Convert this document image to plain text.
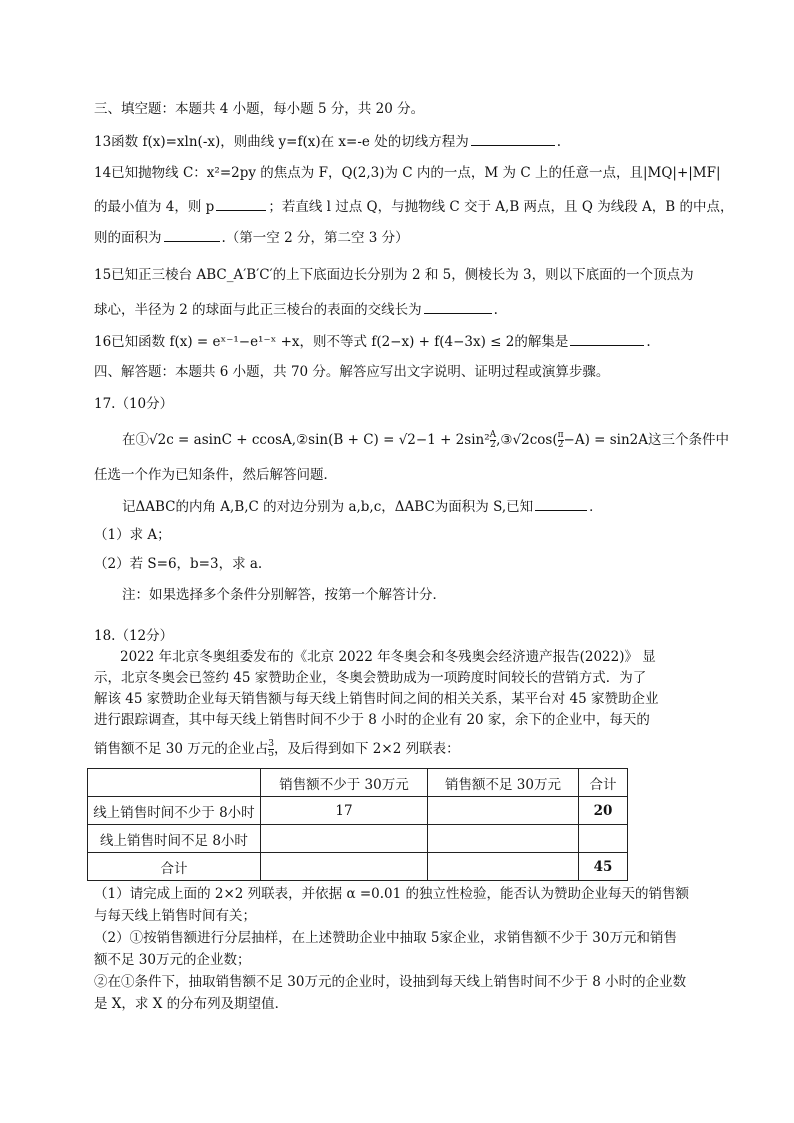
三、填空题：本题共 4 小题，每小题 5 分，共 20 分。
13函数 f(x)=xln(-x)，则曲线 y=f(x)在 x=-e 处的切线方程为	.
14已知抛物线 C：x²=2py 的焦点为 F，Q(2,3)为 C 内的一点，M 为 C 上的任意一点，且|MQ|+|MF|
的最小值为 4，则 p	；若直线 l 过点 Q，与抛物线 C 交于 A,B 两点，且 Q 为线段 A，B 的中点，
则的面积为	.（第一空 2 分，第二空 3 分）
15已知正三棱台 ABC_A′B′C′的上下底面边长分别为 2 和 5，侧棱长为 3，则以下底面的一个顶点为
球心，半径为 2 的球面与此正三棱台的表面的交线长为	.
16已知函数 f(x) = eˣ⁻¹−e¹⁻ˣ +x，则不等式 f(2−x) + f(4−3x) ≤ 2的解集是	.
四、解答题：本题共 6 小题，共 70 分。解答应写出文字说明、证明过程或演算步骤。
17.（10分）
在①√2c = asinC + ccosA,②sin(B + $C) = √2-1 + 2\sin^2 \frac{A}{2}$ ,③√2cos( $\frac{\pi}{2} -A) = \sin 2A$这三个条件中
任选一个作为已知条件，然后解答问题．
记ΔABC的内角 A,B,C 的对边分别为 a,b,c，ΔABC为面积为 S,已知	．
（1）求 A；
（2）若 S=6，b=3，求 a.
注：如果选择多个条件分别解答，按第一个解答计分．
18.（12分）
2022 年北京冬奥组委发布的《北京 2022 年冬奥会和冬残奥会经济遗产报告(2022)》 显
示，北京冬奥会已签约 45 家赞助企业，冬奥会赞助成为一项跨度时间较长的营销方式．为了
解该 45 家赞助企业每天销售额与每天线上销售时间之间的相关关系，某平台对 45 家赞助企业
进行跟踪调查，其中每天线上销售时间不少于 8 小时的企业有 20 家，余下的企业中，每天的
销售额不足 30 万元的企业占 $\frac{3}{5}$ ，及后得到如下 2×2 列联表：
	销售额不少于 30万元	销售额不足 30万元	合计
线上销售时间不少于 8小时	17		20
线上销售时间不足 8小时			
合计			45
（1）请完成上面的 2×2 列联表，并依据 α =0.01 的独立性检验，能否认为赞助企业每天的销售额
与每天线上销售时间有关；
（2）①按销售额进行分层抽样，在上述赞助企业中抽取 5家企业，求销售额不少于 30万元和销售
额不足 30万元的企业数；
②在①条件下，抽取销售额不足 30万元的企业时，设抽到每天线上销售时间不少于 8 小时的企业数
是 X，求 X 的分布列及期望值．
